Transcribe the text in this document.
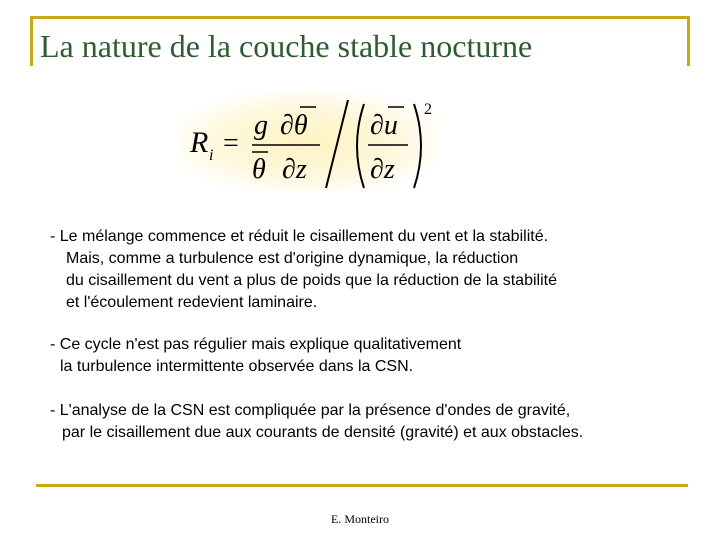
La nature de la couche stable nocturne
R i =
g ∂θ
θ ∂z
∂u
∂z
2

- Le mélange commence et réduit le cisaillement du vent et la stabilité.
Mais, comme a turbulence est d'origine dynamique, la réduction
du cisaillement du vent a plus de poids que la réduction de la stabilité
et l'écoulement redevient laminaire.

- Ce cycle n'est pas régulier mais explique qualitativement
la turbulence intermittente observée dans la CSN.

- L'analyse de la CSN est compliquée par la présence d'ondes de gravité,
par le cisaillement due aux courants de densité (gravité) et aux obstacles.

E. Monteiro
